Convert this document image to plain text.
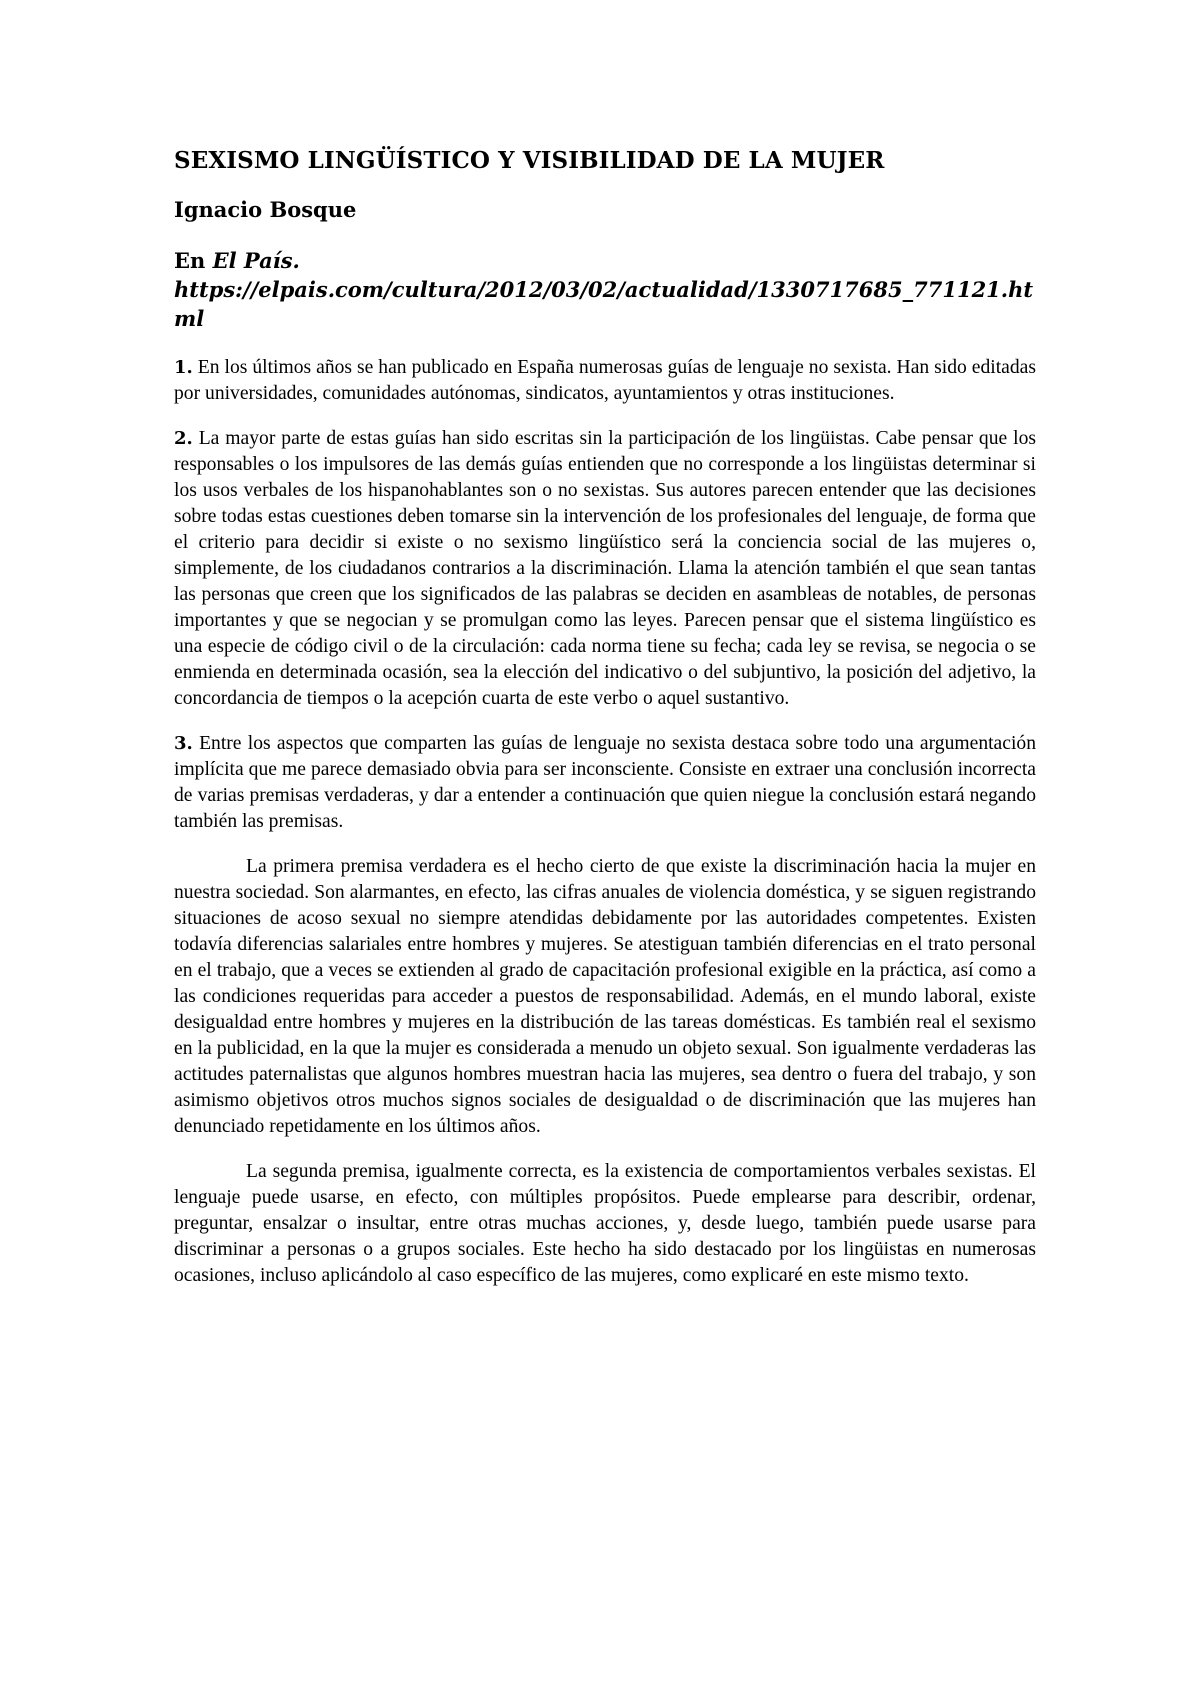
SEXISMO LINGÜÍSTICO Y VISIBILIDAD DE LA MUJER
Ignacio Bosque
En El País.
https://elpais.com/cultura/2012/03/02/actualidad/1330717685_771121.html

1. En los últimos años se han publicado en España numerosas guías de lenguaje no sexista. Han sido editadas por universidades, comunidades autónomas, sindicatos, ayuntamientos y otras instituciones.

2. La mayor parte de estas guías han sido escritas sin la participación de los lingüistas. Cabe pensar que los responsables o los impulsores de las demás guías entienden que no corresponde a los lingüistas determinar si los usos verbales de los hispanohablantes son o no sexistas. Sus autores parecen entender que las decisiones sobre todas estas cuestiones deben tomarse sin la intervención de los profesionales del lenguaje, de forma que el criterio para decidir si existe o no sexismo lingüístico será la conciencia social de las mujeres o, simplemente, de los ciudadanos contrarios a la discriminación. Llama la atención también el que sean tantas las personas que creen que los significados de las palabras se deciden en asambleas de notables, de personas importantes y que se negocian y se promulgan como las leyes. Parecen pensar que el sistema lingüístico es una especie de código civil o de la circulación: cada norma tiene su fecha; cada ley se revisa, se negocia o se enmienda en determinada ocasión, sea la elección del indicativo o del subjuntivo, la posición del adjetivo, la concordancia de tiempos o la acepción cuarta de este verbo o aquel sustantivo.

3. Entre los aspectos que comparten las guías de lenguaje no sexista destaca sobre todo una argumentación implícita que me parece demasiado obvia para ser inconsciente. Consiste en extraer una conclusión incorrecta de varias premisas verdaderas, y dar a entender a continuación que quien niegue la conclusión estará negando también las premisas.

La primera premisa verdadera es el hecho cierto de que existe la discriminación hacia la mujer en nuestra sociedad. Son alarmantes, en efecto, las cifras anuales de violencia doméstica, y se siguen registrando situaciones de acoso sexual no siempre atendidas debidamente por las autoridades competentes. Existen todavía diferencias salariales entre hombres y mujeres. Se atestiguan también diferencias en el trato personal en el trabajo, que a veces se extienden al grado de capacitación profesional exigible en la práctica, así como a las condiciones requeridas para acceder a puestos de responsabilidad. Además, en el mundo laboral, existe desigualdad entre hombres y mujeres en la distribución de las tareas domésticas. Es también real el sexismo en la publicidad, en la que la mujer es considerada a menudo un objeto sexual. Son igualmente verdaderas las actitudes paternalistas que algunos hombres muestran hacia las mujeres, sea dentro o fuera del trabajo, y son asimismo objetivos otros muchos signos sociales de desigualdad o de discriminación que las mujeres han denunciado repetidamente en los últimos años.

La segunda premisa, igualmente correcta, es la existencia de comportamientos verbales sexistas. El lenguaje puede usarse, en efecto, con múltiples propósitos. Puede emplearse para describir, ordenar, preguntar, ensalzar o insultar, entre otras muchas acciones, y, desde luego, también puede usarse para discriminar a personas o a grupos sociales. Este hecho ha sido destacado por los lingüistas en numerosas ocasiones, incluso aplicándolo al caso específico de las mujeres, como explicaré en este mismo texto.
